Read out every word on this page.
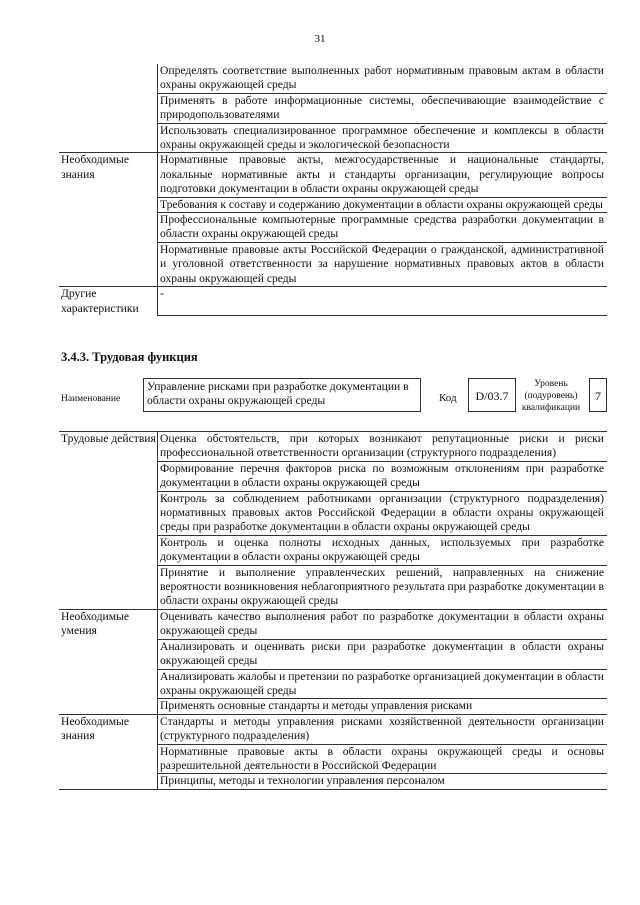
31
	Определять соответствие выполненных работ нормативным правовым актам в области охраны окружающей среды
	Применять в работе информационные системы, обеспечивающие взаимодействие с природопользователями
	Использовать специализированное программное обеспечение и комплексы в области охраны окружающей среды и экологической безопасности
Необходимые знания	Нормативные правовые акты, межгосударственные и национальные стандарты, локальные нормативные акты и стандарты организации, регулирующие вопросы подготовки документации в области охраны окружающей среды
	Требования к составу и содержанию документации в области охраны окружающей среды
	Профессиональные компьютерные программные средства разработки документации в области охраны окружающей среды
	Нормативные правовые акты Российской Федерации о гражданской, административной и уголовной ответственности за нарушение нормативных правовых актов в области охраны окружающей среды
Другие характеристики	-
3.4.3. Трудовая функция
Наименование
Управление рисками при разработке документации в области охраны окружающей среды	Код	D/03.7
Уровень (подуровень) квалификации
7
Трудовые действия	Оценка обстоятельств, при которых возникают репутационные риски и риски профессиональной ответственности организации (структурного подразделения)
	Формирование перечня факторов риска по возможным отклонениям при разработке документации в области охраны окружающей среды
	Контроль за соблюдением работниками организации (структурного подразделения) нормативных правовых актов Российской Федерации в области охраны окружающей среды при разработке документации в области охраны окружающей среды
	Контроль и оценка полноты исходных данных, используемых при разработке документации в области охраны окружающей среды
	Принятие и выполнение управленческих решений, направленных на снижение вероятности возникновения неблагоприятного результата при разработке документации в области охраны окружающей среды
Необходимые умения	Оценивать качество выполнения работ по разработке документации в области охраны окружающей среды
	Анализировать и оценивать риски при разработке документации в области охраны окружающей среды
	Анализировать жалобы и претензии по разработке организацией документации в области охраны окружающей среды
	Применять основные стандарты и методы управления рисками
Необходимые знания	Стандарты и методы управления рисками хозяйственной деятельности организации (структурного подразделения)
	Нормативные правовые акты в области охраны окружающей среды и основы разрешительной деятельности в Российской Федерации
	Принципы, методы и технологии управления персоналом
